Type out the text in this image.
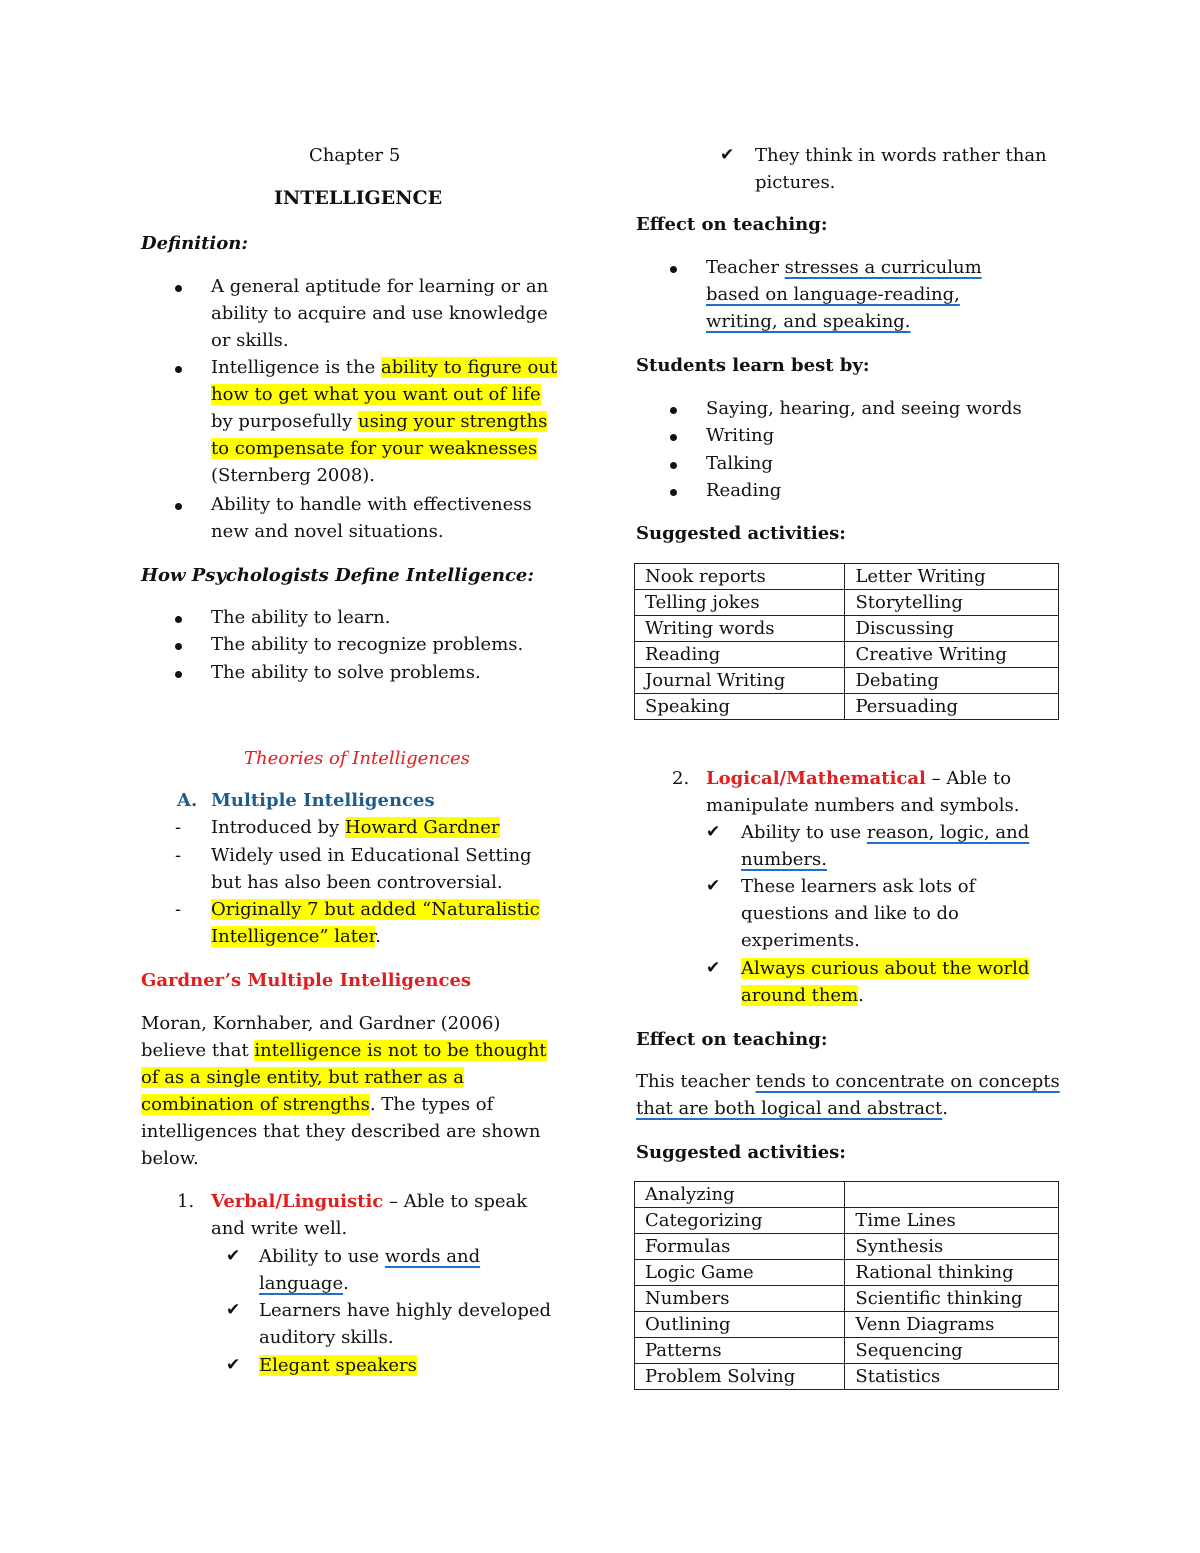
Chapter 5

INTELLIGENCE

Definition:

A general aptitude for learning or an ability to acquire and use knowledge or skills.

Intelligence is the ability to figure out how to get what you want out of life by purposefully using your strengths to compensate for your weaknesses (Sternberg 2008).

Ability to handle with effectiveness new and novel situations.

How Psychologists Define Intelligence:

The ability to learn.

The ability to recognize problems.

The ability to solve problems.

Theories of Intelligences

A. Multiple Intelligences

-	Introduced by Howard Gardner

-	Widely used in Educational Setting but has also been controversial.

-	Originally 7 but added “Naturalistic Intelligence” later.

Gardner’s Multiple Intelligences

Moran, Kornhaber, and Gardner (2006) believe that intelligence is not to be thought of as a single entity, but rather as a combination of strengths. The types of intelligences that they described are shown below.

1. Verbal/Linguistic – Able to speak and write well.

✔	Ability to use words and language.

✔	Learners have highly developed auditory skills.

✔	Elegant speakers

✔	They think in words rather than pictures.

Effect on teaching:

Teacher stresses a curriculum based on language-reading, writing, and speaking.

Students learn best by:

Saying, hearing, and seeing words

Writing

Talking

Reading

Suggested activities:

Nook reports	Letter Writing
Telling jokes	Storytelling
Writing words	Discussing
Reading	Creative Writing
Journal Writing	Debating
Speaking	Persuading

2. Logical/Mathematical – Able to manipulate numbers and symbols.

✔	Ability to use reason, logic, and numbers.

✔	These learners ask lots of questions and like to do experiments.

✔	Always curious about the world around them.

Effect on teaching:

This teacher tends to concentrate on concepts that are both logical and abstract.

Suggested activities:

Analyzing	
Categorizing	Time Lines
Formulas	Synthesis
Logic Game	Rational thinking
Numbers	Scientific thinking
Outlining	Venn Diagrams
Patterns	Sequencing
Problem Solving	Statistics
